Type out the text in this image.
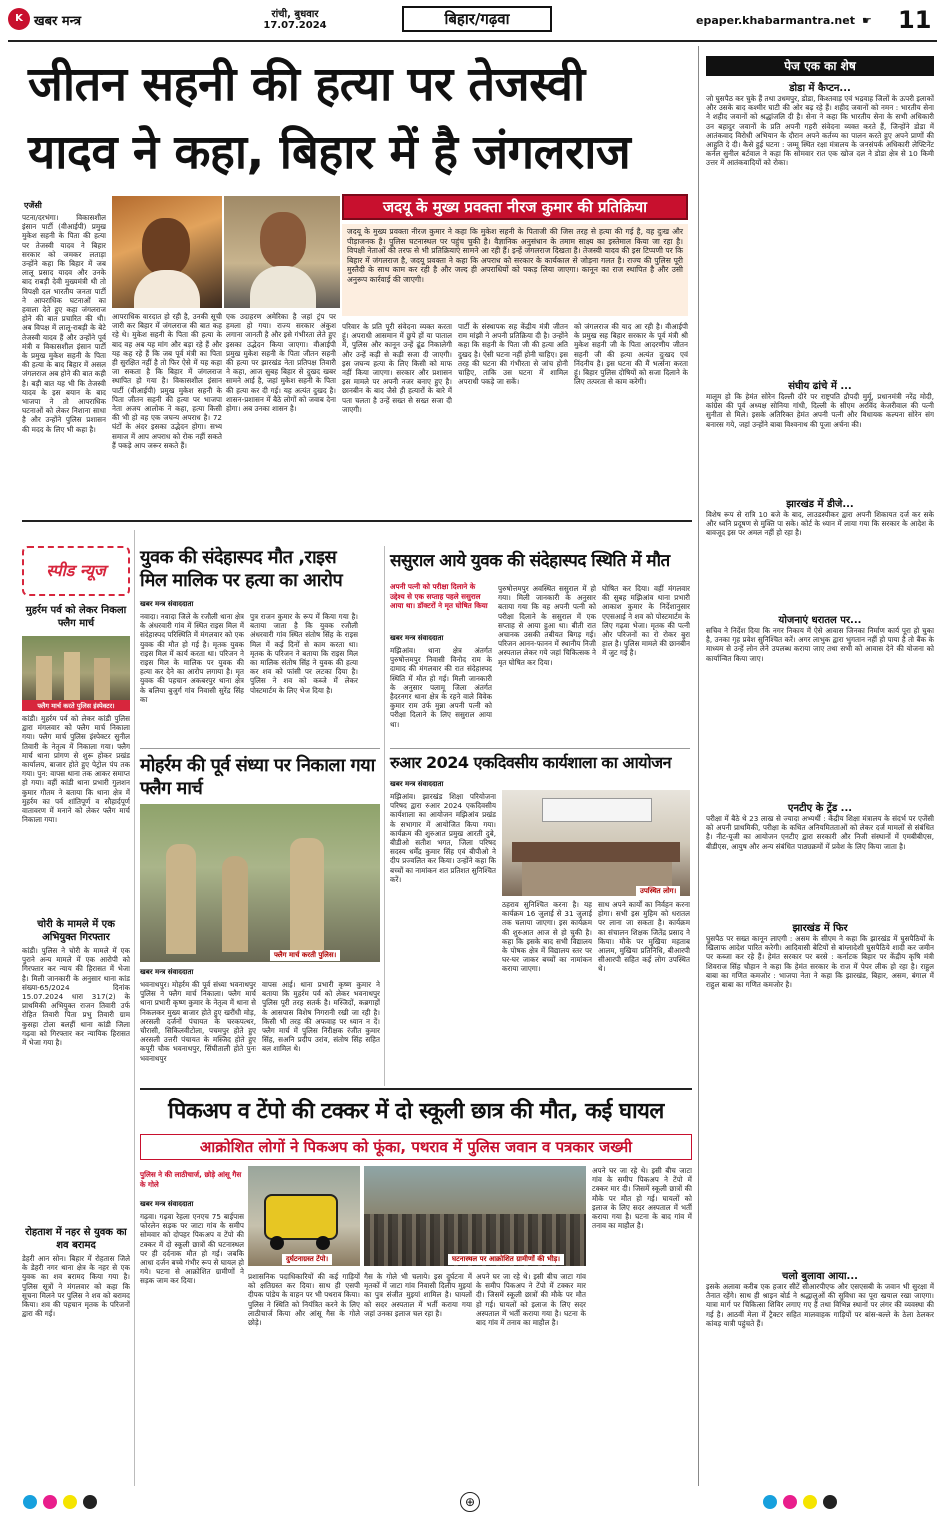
K खबर मन्त्र	रांची, बुधवार
17.07.2024	बिहार/गढ़वा	epaper.khabarmantra.net ☛ 11
जीतन सहनी की हत्या पर तेजस्वी
यादव ने कहा, बिहार में है जंगलराज
एजेंसी
पटना/दरभंगा। विकासशील इंसान पार्टी (वीआईपी) प्रमुख मुकेश सहनी के पिता की हत्या पर तेजस्वी यादव ने बिहार सरकार को जमकर लताड़ा उन्होंने कहा कि बिहार में जब लालू प्रसाद यादव और उनके बाद राबड़ी देवी मुख्यमंत्री थी तो विपक्षी दल भारतीय जनता पार्टी ने आपराधिक घटनाओं का हवाला देते हुए कहा जंगलराज होने की बात प्रचारित की थी। अब विपक्ष में लालू-राबड़ी के बेटे तेजस्वी यादव हैं और उन्होंने पूर्व मंत्री व विकासशील इंसान पार्टी के प्रमुख मुकेश सहनी के पिता की हत्या के बाद बिहार में असल जंगलराज अब होने की बात कही है। बड़ी बात यह भी कि तेजस्वी यादव के इस बयान के बाद भाजपा ने तो आपराधिक घटनाओं को लेकर निशाना साधा है और उन्होंने पुलिस प्रशासन की मदद के लिए भी कहा है।
आपराधिक वारदात हो रही है, उनकी सूची जारी कर बिहार में जंगलराज की बात कह रहे थे। मुकेश सहनी के पिता की हत्या के बाद वह अब यह मांग और बड़ा रहे हैं और यह कह रहे हैं कि जब पूर्व मंत्री का पिता ही सुरक्षित नहीं है तो फिर ऐसे में यह कहा जा सकता है कि बिहार में जंगलराज स्थापित हो गया है। विकासशील इंसान पार्टी (वीआईपी) प्रमुख मुकेश सहनी के पिता जीतन सहनी की हत्या पर भाजपा नेता अजय आलोक ने कहा, हत्या किसी की भी हो वह एक जघन्य अपराध है। 72 घंटों के अंदर इसका उद्भेदन होगा। सभ्य समाज में आप अपराध को रोक नहीं सकते हैं पकड़े आप जरूर सकते हैं।
एक उदाहरण अमेरिका है जहां ट्रंप पर हमला हो गया। राज्य सरकार अंकुश लगाना जानती है और इसे गंभीरता लेते हुए इसका उद्भेदन किया जाएगा। वीआईपी प्रमुख मुकेश सहनी के पिता जीतन सहनी की हत्या पर झारखंड नेता प्रतिपक्ष तिवारी ने कहा, आज सुबह बिहार से दुखद खबर सामने आई है, जहां मुकेश सहनी के पिता की हत्या कर दी गई। यह अत्यंत दुखद है। शासन-प्रशासन में बैठे लोगों को जवाब देना होगा। अब उनका शासन है।
जदयू के मुख्य प्रवक्ता नीरज कुमार की प्रतिक्रिया
जदयू के मुख्य प्रवक्ता नीरज कुमार ने कहा कि मुकेश सहनी के पिताजी की जिस तरह से हत्या की गई है, वह दुःख और पीड़ाजनक है। पुलिस घटनास्थल पर पहुंच चुकी है। वैज्ञानिक अनुसंधान के तमाम साक्ष्य का इस्तेमाल किया जा रहा है। विपक्षी नेताओं की तरफ से भी प्रतिक्रियाएं सामने आ रही हैं। इन्हें जंगलराज दिखता है। तेजस्वी यादव की इस टिप्पणी पर कि बिहार में जंगलराज है, जदयू प्रवक्ता ने कहा कि अपराध को सरकार के कार्यकाल से जोड़ना गलत है। राज्य की पुलिस पूरी मुस्तैदी के साथ काम कर रही है और जल्द ही अपराधियों को पकड़ लिया जाएगा। कानून का राज स्थापित है और उसी अनुरूप कार्रवाई की जाएगी।
परिवार के प्रति पूरी संवेदना व्यक्त करता हूं। अपराधी आसमान में छुपे हों या पाताल में, पुलिस और कानून उन्हें ढूंढ निकालेगी और उन्हें कड़ी से कड़ी सजा दी जाएगी। इस जघन्य हत्या के लिए किसी को माफ नहीं किया जाएगा। सरकार और प्रशासन इस मामले पर अपनी नजर बनाए हुए है। छानबीन के बाद जैसे ही हत्यारों के बारे में पता चलता है उन्हें सख्त से सख्त सजा दी जाएगी।
पार्टी के संस्थापक सह केंद्रीय मंत्री जीतन राम मांझी ने अपनी प्रतिक्रिया दी है। उन्होंने कहा कि सहनी के पिता जी की हत्या अति दुखद है। ऐसी घटना नहीं होनी चाहिए। इस तरह की घटना की गंभीरता से जांच होनी चाहिए, ताकि उस घटना में शामिल अपराधी पकड़े जा सकें।
को जंगलराज की याद आ रही है। वीआईपी के प्रमुख सह बिहार सरकार के पूर्व मंत्री श्री मुकेश सहनी जी के पिता आदरणीय जीतन सहनी जी की हत्या अत्यंत दुःखद एवं निंदनीय है। इस घटना की मैं भर्त्सना करता हूं। बिहार पुलिस दोषियों को सजा दिलाने के लिए तत्परता से काम करेगी।
पेज एक का शेष
डोडा में कैप्टन...
जो घुसपैठ कर चुके हैं तथा उधमपुर, डोडा, किश्तवाड़ एवं भद्रवाह जिलों के ऊपरी इलाकों और उसके बाद कश्मीर घाटी की ओर बढ़ रहे हैं। शहीद जवानों को नमन : भारतीय सेना ने शहीद जवानों को श्रद्धांजलि दी है। सेना ने कहा कि भारतीय सेना के सभी अधिकारी उन बहादुर जवानों के प्रति अपनी गहरी संवेदना व्यक्त करते हैं, जिन्होंने डोडा में आतंकवाद विरोधी अभियान के दौरान अपने कर्तव्य का पालन करते हुए अपने प्राणों की आहुति दे दी। कैसे हुई घटना : जम्मू स्थित रक्षा मंत्रालय के जनसंपर्क अधिकारी लेफ्टिनेंट कर्नल सुनील बर्टवाल ने कहा कि सोमवार रात एक खोज दल ने डोडा क्षेत्र से 10 किमी उत्तर में आतंकवादियों को रोका।
संघीय ढांचे में ...
मालूम हो कि हेमंत सोरेन दिल्ली दौरे पर राष्ट्रपति द्रौपदी मुर्मू, प्रधानमंत्री नरेंद्र मोदी, कांग्रेस की पूर्व अध्यक्ष सोनिया गांधी, दिल्ली के सीएम अरविंद केजरीवाल की पत्नी सुनीता से मिले। इसके अतिरिक्त हेमंत अपनी पत्नी और विधायक कल्पना सोरेन संग बनारस गये, जहां उन्होंने बाबा विश्वनाथ की पूजा अर्चना की।
झारखंड में डीजे...
विशेष रूप से रात्रि 10 बजे के बाद, लाउडस्पीकर द्वारा अपनी शिकायत दर्ज कर सके और ध्वनि प्रदूषण से मुक्ति पा सके। कोर्ट के ध्यान में लाया गया कि सरकार के आदेश के बावजूद इस पर अमल नहीं हो रहा है।
योजनाएं धरातल पर...
सचिव ने निर्देश दिया कि नगर निकाय में ऐसे आवास जिनका निर्माण कार्य पूरा हो चुका है, उनका गृह प्रवेश सुनिश्चित करें। अगर लाभुक द्वारा भुगतान नहीं हो पाया है तो बैंक के माध्यम से उन्हें लोन लेने उपलब्ध कराया जाए तथा सभी को आवास देने की योजना को कार्यान्वित किया जाए।
एनटीए के ट्रेंड ...
परीक्षा में बैठे थे 23 लाख से ज्यादा अभ्यर्थी : केंद्रीय शिक्षा मंत्रालय के संदर्भ पर एजेंसी को अपनी प्राथमिकी, परीक्षा के कथित अनियमितताओं को लेकर दर्ज मामलों से संबंधित है। नीट-यूजी का आयोजन एनटीए द्वारा सरकारी और निजी संस्थानों में एमबीबीएस, बीडीएस, आयुष और अन्य संबंधित पाठ्यक्रमों में प्रवेश के लिए किया जाता है।
झारखंड में फिर
घुसपैठ पर सख्त कानून लाएगी : असम के सीएम ने कहा कि झारखंड में घुसपैठियों के खिलाफ आदेश पारित करेगी। आदिवासी बेटियों से बांग्लादेशी घुसपैठिये शादी कर जमीन पर कब्जा कर रहे हैं। हेमंत सरकार पर बरसे : कर्नाटक बिहार पर केंद्रीय कृषि मंत्री शिवराज सिंह चौहान ने कहा कि हेमंत सरकार के राज में पेपर लीक हो रहा है। राहुल बाबा का गणित कमजोर : भाजपा नेता ने कहा कि झारखंड, बिहार, असम, बंगाल में राहुल बाबा का गणित कमजोर है।
चलो बुलावा आया...
इसके अलावा करीब एक हजार सीटें सीआरपीएफ और एसएसबी के जवान भी सुरक्षा में तैनात रहेंगे। साथ ही श्राइन बोर्ड ने श्रद्धालुओं की सुविधा का पूरा खयाल रखा जाएगा। यात्रा मार्ग पर चिकित्सा शिविर लगाए गए हैं तथा विभिन्न स्थानों पर लंगर की व्यवस्था की गई है। आठवीं मेला में ट्रैक्टर सहित मालवाहक गाड़ियों पर बांस-बल्ले के ठेला ठेलकर कांवड़ यात्री पहुंचते हैं।
स्पीड न्यूज
मुहर्रम पर्व को लेकर निकला फ्लैग मार्च
फ्लैग मार्च करते पुलिस इंस्पेक्टर।
कांडी। मुहर्रम पर्व को लेकर कांडी पुलिस द्वारा मंगलवार को फ्लैग मार्च निकाला गया। फ्लैग मार्च पुलिस इंस्पेक्टर सुनील तिवारी के नेतृत्व में निकाला गया। फ्लैग मार्च थाना प्रांगण से शुरू होकर प्रखंड कार्यालय, बाजार होते हुए पेट्रोल पंप तक गया। पुन: वापस थाना तक आकर समाप्त हो गया। वहीं कांडी थाना प्रभारी गुलशन कुमार गौतम ने बताया कि थाना क्षेत्र में मुहर्रम का पर्व शांतिपूर्ण व सौहार्दपूर्ण वातावरण में मनाने को लेकर फ्लैग मार्च निकाला गया।
चोरी के मामले में एक अभियुक्त गिरफ्तार
कांडी। पुलिस ने चोरी के मामले में एक पुराने अन्य मामले में एक आरोपी को गिरफ्तार कर न्याय की हिरासत में भेजा है। मिली जानकारी के अनुसार थाना कांड संख्या-65/2024 दिनांक 15.07.2024 धारा 317(2) के प्राथमिकी अभियुक्त राजन तिवारी उर्फ रोहित तिवारी पिता प्रभु तिवारी ग्राम कुसहा टोला बलहीं थाना कांडी जिला गढ़वा को गिरफ्तार कर न्यायिक हिरासत में भेजा गया है।
रोहताश में नहर से युवक का शव बरामद
डेहरी आन सोन। बिहार में रोहतास जिले के डेहरी नगर थाना क्षेत्र के नहर से एक युवक का शव बरामद किया गया है। पुलिस सूत्रों ने मंगलवार को कहा कि सूचना मिलने पर पुलिस ने शव को बरामद किया। शव की पहचान मृतक के परिजनों द्वारा की गई।
युवक की संदेहास्पद मौत ,राइस मिल मालिक पर हत्या का आरोप
खबर मन्त्र संवाददाता
नवादा। नवादा जिले के रजौली थाना क्षेत्र के अंधरवारी गांव में स्थित राइस मिल में संदेहास्पद परिस्थिति में मंगलवार को एक युवक की मौत हो गई है। मृतक युवक राइस मिल में कार्य करता था। परिजन ने राइस मिल के मालिक पर युवक की हत्या कर देने का आरोप लगाया है। मृत युवक की पहचान अकबरपुर थाना क्षेत्र के बलिया बुजुर्ग गांव निवासी सुरेंद्र सिंह का
पुत्र राजन कुमार के रूप में किया गया है। बताया जाता है कि युवक रजौली अंधरवारी गांव स्थित संतोष सिंह के राइस मिल में कई दिनों से काम करता था। मृतक के परिजन ने बताया कि राइस मिल का मालिक संतोष सिंह ने युवक की हत्या कर शव को फांसी पर लटका दिया है। पुलिस ने शव को कब्जे में लेकर पोस्टमार्टम के लिए भेज दिया है।
मोहर्रम की पूर्व संध्या पर निकाला गया फ्लैग मार्च
फ्लैग मार्च करती पुलिस।
खबर मन्त्र संवाददाता
भवनाथपुर। मोहर्रम की पूर्व संध्या भवनाथपुर पुलिस ने फ्लैग मार्च निकाला। फ्लैग मार्च थाना प्रभारी कृष्ण कुमार के नेतृत्व में थाना से निकलकर मुख्य बाजार होते हुए खरौंधी मोड़, अरसली दर्जनों पंचायत के चरकपत्थर, चौरासी, सिकिलवीटोला, पचमपुर होते हुए अरसली उत्तरी पंचायत के मस्जिद होते हुए कपूरी चौक भवनाथपुर, सिंघीताली होते पुनः भवनाथपुर
वापस आई। थाना प्रभारी कृष्ण कुमार ने बताया कि मुहर्रम पर्व को लेकर भवनाथपुर पुलिस पूरी तरह सतर्क है। मस्जिदों, कब्रगाहों के आसपास विशेष निगरानी रखी जा रही है। किसी भी तरह की अफवाह पर ध्यान न दें। फ्लैग मार्च में पुलिस निरीक्षक रंजीत कुमार सिंह, सअनि प्रदीप उरांव, संतोष सिंह सहित बल शामिल थे।
ससुराल आये युवक की संदेहास्पद स्थिति में मौत
अपनी पत्नी को परीक्षा दिलाने के उद्देश्य से एक सप्ताह पहले ससुराल आया था। डॉक्टरों ने मृत घोषित किया
खबर मन्त्र संवाददाता
मझिआंव। थाना क्षेत्र अंतर्गत पुरुषोत्तमपुर निवासी विनोद राम के दामाद की मंगलवार की रात संदेहास्पद स्थिति में मौत हो गई। मिली जानकारी के अनुसार पलामू जिला अंतर्गत हैदरनगर थाना क्षेत्र के रहने वाले विवेक कुमार राम उर्फ मुन्ना अपनी पत्नी को परीक्षा दिलाने के लिए ससुराल आया था।
पुरुषोत्तमपुर अवस्थित ससुराल में हो गया। मिली जानकारी के अनुसार बताया गया कि वह अपनी पत्नी को परीक्षा दिलाने के ससुराल में एक सप्ताह से आया हुआ था। बीती रात अचानक उसकी तबीयत बिगड़ गई। परिजन आनन-फानन में स्थानीय निजी अस्पताल लेकर गये जहां चिकित्सक ने मृत घोषित कर दिया।
घोषित कर दिया। वहीं मंगलवार की सुबह मझिआंव थाना प्रभारी आकाश कुमार के निर्देशानुसार एएसआई ने शव को पोस्टमार्टम के लिए गढ़वा भेजा। मृतक की पत्नी और परिजनों का रो रोकर बुरा हाल है। पुलिस मामले की छानबीन में जुट गई है।
रुआर 2024 एकदिवसीय कार्यशाला का आयोजन
खबर मन्त्र संवाददाता
मझिआंव। झारखंड शिक्षा परियोजना परिषद द्वारा रुआर 2024 एकदिवसीय कार्यशाला का आयोजन मझिआंव प्रखंड के सभागार में आयोजित किया गया। कार्यक्रम की शुरुआत प्रमुख आरती दुबे, बीडीओ सतीश भगत, जिला परिषद सदस्य धर्मेंद्र कुमार सिंह एवं बीपीओ ने दीप प्रज्वलित कर किया। उन्होंने कहा कि बच्चों का नामांकन शत प्रतिशत सुनिश्चित करें।
उपस्थित लोग।
ठहराव सुनिश्चित करना है। यह कार्यक्रम 16 जुलाई से 31 जुलाई तक चलाया जाएगा। इस कार्यक्रम की शुरुआत आज से हो चुकी है। कहा कि इसके बाद सभी विद्यालय के पोषक क्षेत्र में विद्यालय स्तर पर घर-घर जाकर बच्चों का नामांकन कराया जाएगा।
साथ अपने कार्यों का निर्वहन करना होगा। सभी इस मुहिम को धरातल पर लाना जा सकता है। कार्यक्रम का संचालन शिक्षक जितेंद्र प्रसाद ने किया। मौके पर मुखिया महताब आलम, मुखिया प्रतिनिधि, बीआरपी सीआरपी सहित कई लोग उपस्थित थे।
पिकअप व टेंपो की टक्कर में दो स्कूली छात्र की मौत, कई घायल
आक्रोशित लोगों ने पिकअप को फूंका, पथराव में पुलिस जवान व पत्रकार जख्मी
पुलिस ने की लाठीचार्ज, छोड़े आंसू गैस के गोले
खबर मन्त्र संवाददाता
दुर्घटनाग्रस्त टेंपो।	घटनास्थल पर आक्रोशित ग्रामीणों की भीड़।
गढ़वा। गढ़वा रेहला एनएच 75 बाईपास फोरलेन सड़क पर जाटा गांव के समीप सोमवार को दोपहर पिकअप व टेंपो की टक्कर में दो स्कूली छात्रों की घटनास्थल पर ही दर्दनाक मौत हो गई। जबकि आधा दर्जन बच्चे गंभीर रूप से घायल हो गये। घटना से आक्रोशित ग्रामीणों ने सड़क जाम कर दिया।	प्रशासनिक पदाधिकारियों की कई गाड़ियों को क्षतिग्रस्त कर दिया। साथ ही एसपी दीपक पांडेय के वाहन पर भी पथराव किया। पुलिस ने स्थिति को नियंत्रित करने के लिए लाठीचार्ज किया और आंसू गैस के गोले छोड़े।
गैस के गोले भी चलाये। इस दुर्घटना में मृतकों में जाटा गांव निवासी दिलीप मुइयां का पुत्र संजीत मुइयां शामिल है। घायलों को सदर अस्पताल में भर्ती कराया गया जहां उनका इलाज चल रहा है।
अपने घर जा रहे थे। इसी बीच जाटा गांव के समीप पिकअप ने टेंपो में टक्कर मार दी। जिसमें स्कूली छात्रों की मौके पर मौत हो गई। घायलों को इलाज के लिए सदर अस्पताल में भर्ती कराया गया है। घटना के बाद गांव में तनाव का माहौल है।
अपने घर जा रहे थे। इसी बीच जाटा गांव के समीप पिकअप ने टेंपो में टक्कर मार दी। जिसमें स्कूली छात्रों की मौके पर मौत हो गई। घायलों को इलाज के लिए सदर अस्पताल में भर्ती कराया गया है। घटना के बाद गांव में तनाव का माहौल है।
⊕
